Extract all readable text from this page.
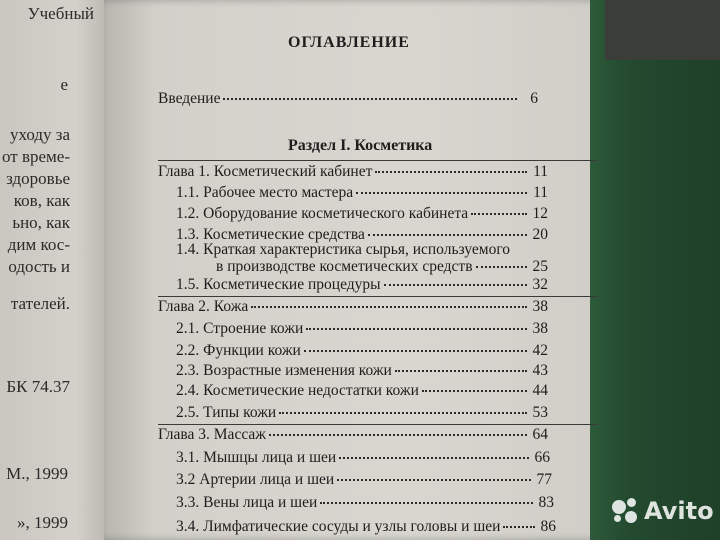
Учебный
е
уходу за
от време-
здоровье
ков, как
ьно, как
дим кос-
одость и
тателей.
БК 74.37
М., 1999
», 1999
ОГЛАВЛЕНИЕ
Введение	6
Раздел I. Косметика
Глава 1. Косметический кабинет	11
1.1. Рабочее место мастера	11
1.2. Оборудование косметического кабинета	12
1.3. Косметические средства	20
1.4. Краткая характеристика сырья, используемого
в производстве косметических средств	25
1.5. Косметические процедуры	32
Глава 2. Кожа	38
2.1. Строение кожи	38
2.2. Функции кожи	42
2.3. Возрастные изменения кожи	43
2.4. Косметические недостатки кожи	44
2.5. Типы кожи	53
Глава 3. Массаж	64
3.1. Мышцы лица и шеи	66
3.2 Артерии лица и шеи	77
3.3. Вены лица и шеи	83
3.4. Лимфатические сосуды и узлы головы и шеи	86
Avito
